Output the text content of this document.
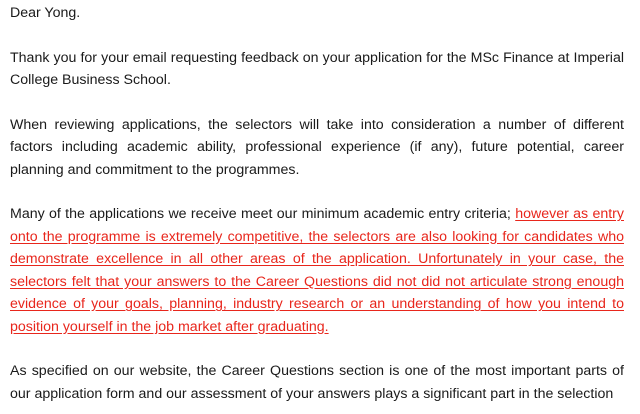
Dear Yong.

Thank you for your email requesting feedback on your application for the MSc Finance at Imperial College Business School.

When reviewing applications, the selectors will take into consideration a number of different factors including academic ability, professional experience (if any), future potential, career planning and commitment to the programmes.

Many of the applications we receive meet our minimum academic entry criteria; however as entry onto the programme is extremely competitive, the selectors are also looking for candidates who demonstrate excellence in all other areas of the application. Unfortunately in your case, the selectors felt that your answers to the Career Questions did not did not articulate strong enough evidence of your goals, planning, industry research or an understanding of how you intend to position yourself in the job market after graduating.

As specified on our website, the Career Questions section is one of the most important parts of our application form and our assessment of your answers plays a significant part in the selection
